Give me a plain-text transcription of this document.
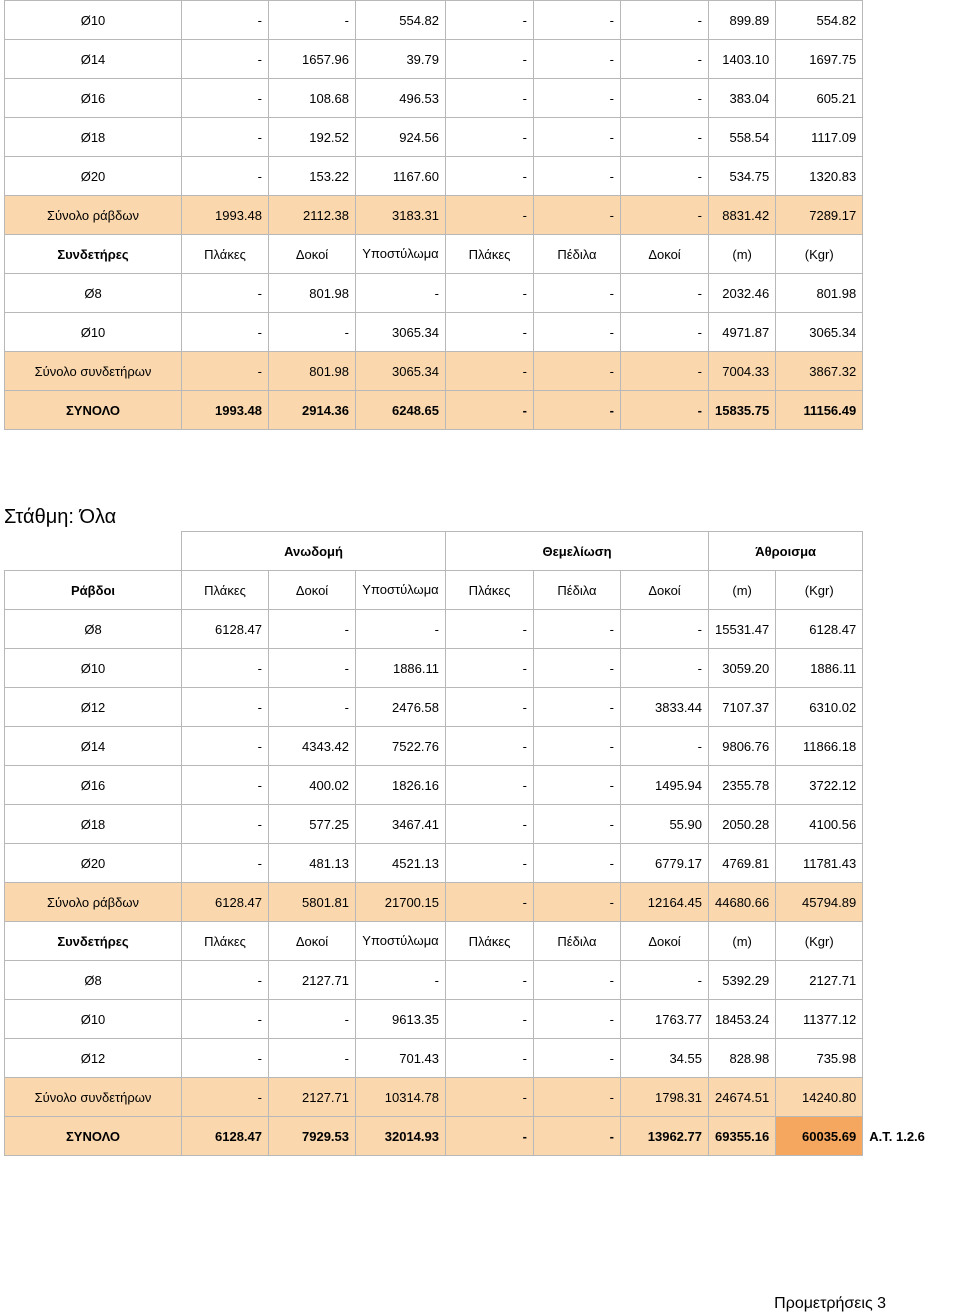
Ø10	-	-	554.82	-	-	-	899.89	554.82
Ø14	-	1657.96	39.79	-	-	-	1403.10	1697.75
Ø16	-	108.68	496.53	-	-	-	383.04	605.21
Ø18	-	192.52	924.56	-	-	-	558.54	1117.09
Ø20	-	153.22	1167.60	-	-	-	534.75	1320.83
Σύνολο ράβδων	1993.48	2112.38	3183.31	-	-	-	8831.42	7289.17
Συνδετήρες	Πλάκες	Δοκοί	Υποστύλωμα	Πλάκες	Πέδιλα	Δοκοί	(m)	(Kgr)
Ø8	-	801.98	-	-	-	-	2032.46	801.98
Ø10	-	-	3065.34	-	-	-	4971.87	3065.34
Σύνολο συνδετήρων	-	801.98	3065.34	-	-	-	7004.33	3867.32
ΣΥΝΟΛΟ	1993.48	2914.36	6248.65	-	-	-	15835.75	11156.49
Στάθμη: Όλα
	Ανωδομή			Θεμελίωση			Άθροισμα		
Ράβδοι	Πλάκες	Δοκοί	Υποστύλωμα	Πλάκες	Πέδιλα	Δοκοί	(m)	(Kgr)	
Ø8	6128.47	-	-	-	-	-	15531.47	6128.47	
Ø10	-	-	1886.11	-	-	-	3059.20	1886.11	
Ø12	-	-	2476.58	-	-	3833.44	7107.37	6310.02	
Ø14	-	4343.42	7522.76	-	-	-	9806.76	11866.18	
Ø16	-	400.02	1826.16	-	-	1495.94	2355.78	3722.12	
Ø18	-	577.25	3467.41	-	-	55.90	2050.28	4100.56	
Ø20	-	481.13	4521.13	-	-	6779.17	4769.81	11781.43	
Σύνολο ράβδων	6128.47	5801.81	21700.15	-	-	12164.45	44680.66	45794.89	
Συνδετήρες	Πλάκες	Δοκοί	Υποστύλωμα	Πλάκες	Πέδιλα	Δοκοί	(m)	(Kgr)	
Ø8	-	2127.71	-	-	-	-	5392.29	2127.71	
Ø10	-	-	9613.35	-	-	1763.77	18453.24	11377.12	
Ø12	-	-	701.43	-	-	34.55	828.98	735.98	
Σύνολο συνδετήρων	-	2127.71	10314.78	-	-	1798.31	24674.51	14240.80	
ΣΥΝΟΛΟ	6128.47	7929.53	32014.93	-	-	13962.77	69355.16	60035.69	Α.Τ. 1.2.6
Προμετρήσεις 3
